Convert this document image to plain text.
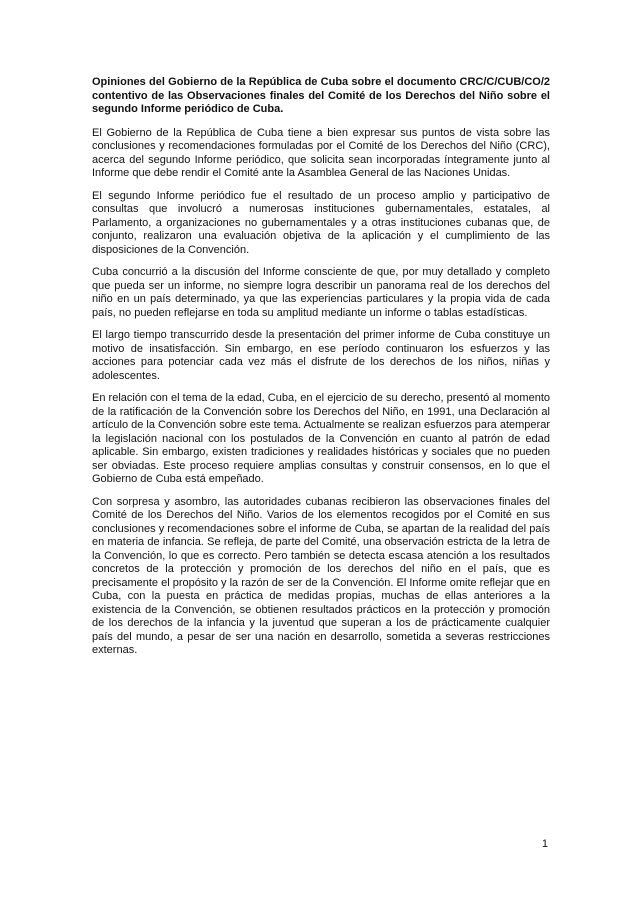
Opiniones del Gobierno de la República de Cuba sobre el documento CRC/C/CUB/CO/2 contentivo de las Observaciones finales del Comité de los Derechos del Niño sobre el segundo Informe periódico de Cuba.

El Gobierno de la República de Cuba tiene a bien expresar sus puntos de vista sobre las conclusiones y recomendaciones formuladas por el Comité de los Derechos del Niño (CRC), acerca del segundo Informe periódico, que solicita sean incorporadas íntegramente junto al Informe que debe rendir el Comité ante la Asamblea General de las Naciones Unidas.

El segundo Informe periódico fue el resultado de un proceso amplio y participativo de consultas que involucró a numerosas instituciones gubernamentales, estatales, al Parlamento, a organizaciones no gubernamentales y a otras instituciones cubanas que, de conjunto, realizaron una evaluación objetiva de la aplicación y el cumplimiento de las disposiciones de la Convención.

Cuba concurrió a la discusión del Informe consciente de que, por muy detallado y completo que pueda ser un informe, no siempre logra describir un panorama real de los derechos del niño en un país determinado, ya que las experiencias particulares y la propia vida de cada país, no pueden reflejarse en toda su amplitud mediante un informe o tablas estadísticas.

El largo tiempo transcurrido desde la presentación del primer informe de Cuba constituye un motivo de insatisfacción. Sin embargo, en ese período continuaron los esfuerzos y las acciones para potenciar cada vez más el disfrute de los derechos de los niños, niñas y adolescentes.

En relación con el tema de la edad, Cuba, en el ejercicio de su derecho, presentó al momento de la ratificación de la Convención sobre los Derechos del Niño, en 1991, una Declaración al artículo de la Convención sobre este tema. Actualmente se realizan esfuerzos para atemperar la legislación nacional con los postulados de la Convención en cuanto al patrón de edad aplicable. Sin embargo, existen tradiciones y realidades históricas y sociales que no pueden ser obviadas. Este proceso requiere amplias consultas y construir consensos, en lo que el Gobierno de Cuba está empeñado.

Con sorpresa y asombro, las autoridades cubanas recibieron las observaciones finales del Comité de los Derechos del Niño. Varios de los elementos recogidos por el Comité en sus conclusiones y recomendaciones sobre el informe de Cuba, se apartan de la realidad del país en materia de infancia. Se refleja, de parte del Comité, una observación estricta de la letra de la Convención, lo que es correcto. Pero también se detecta escasa atención a los resultados concretos de la protección y promoción de los derechos del niño en el país, que es precisamente el propósito y la razón de ser de la Convención. El Informe omite reflejar que en Cuba, con la puesta en práctica de medidas propias, muchas de ellas anteriores a la existencia de la Convención, se obtienen resultados prácticos en la protección y promoción de los derechos de la infancia y la juventud que superan a los de prácticamente cualquier país del mundo, a pesar de ser una nación en desarrollo, sometida a severas restricciones externas.

1
